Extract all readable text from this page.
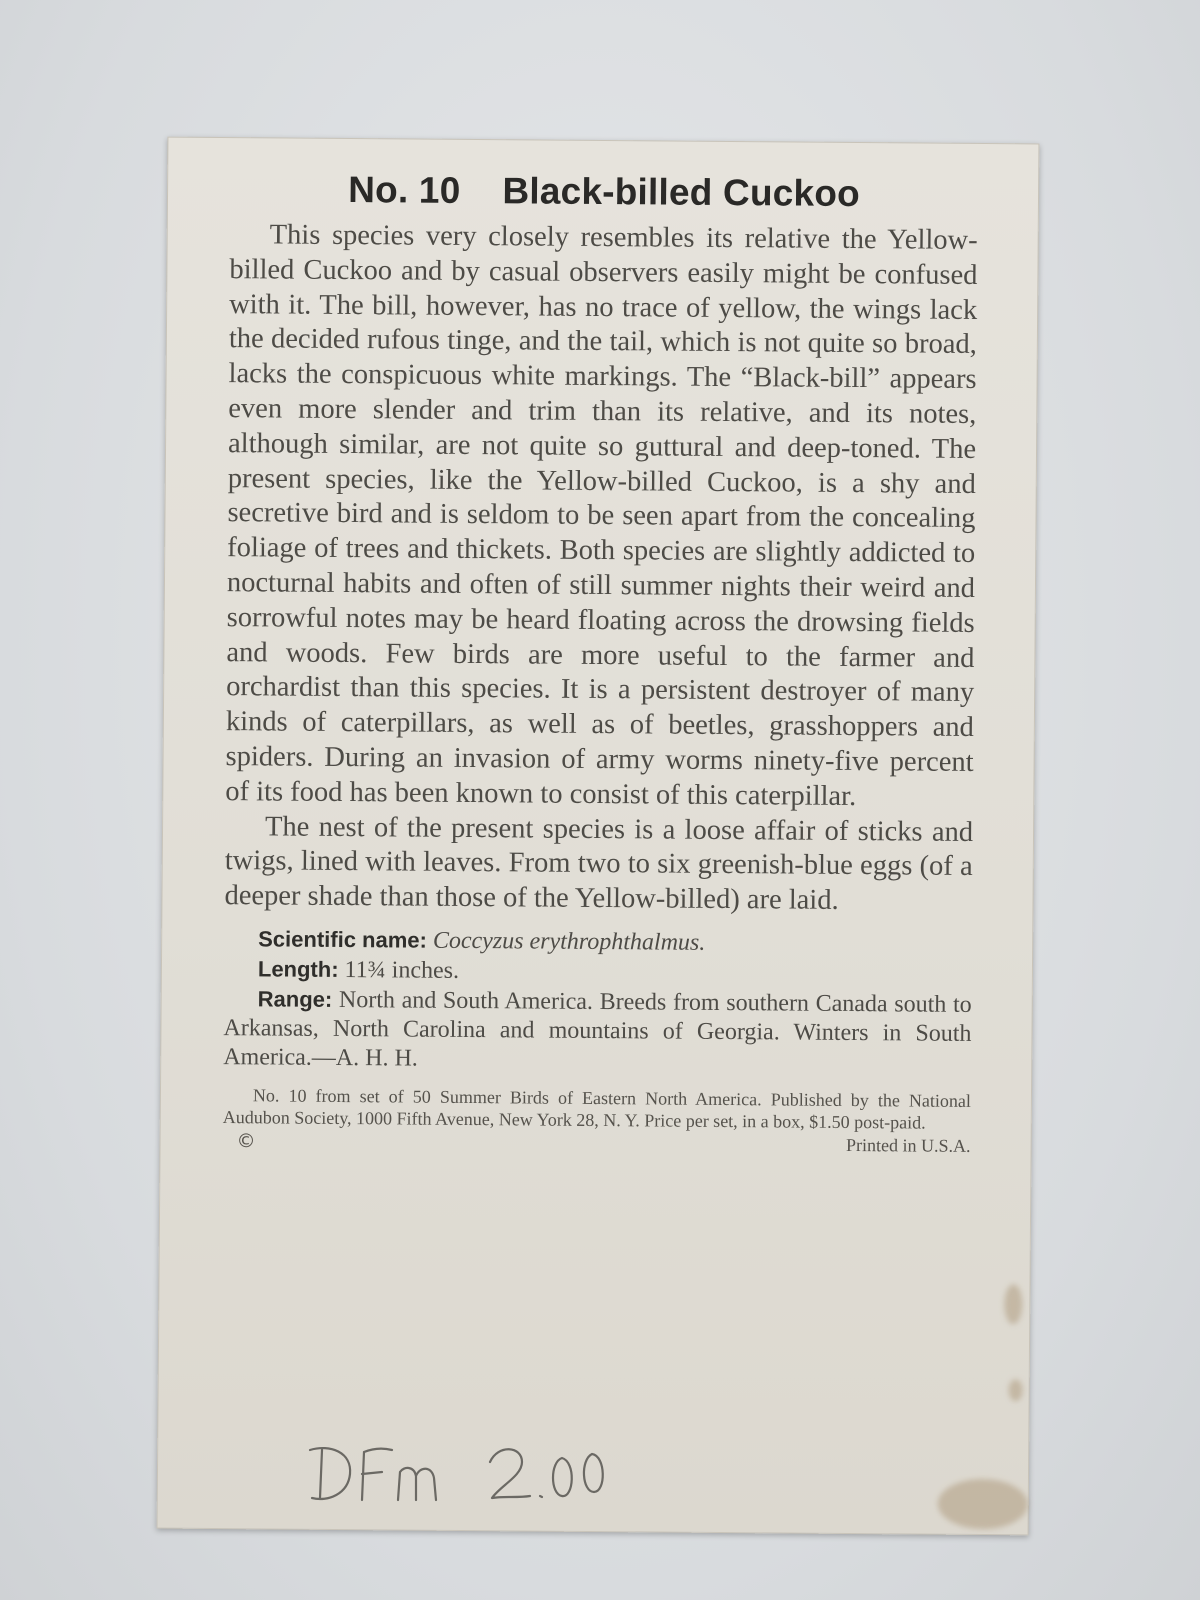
No. 10 Black-billed Cuckoo

This species very closely resembles its relative the Yellow-billed Cuckoo and by casual observers easily might be confused with it. The bill, however, has no trace of yellow, the wings lack the decided rufous tinge, and the tail, which is not quite so broad, lacks the conspicuous white markings. The “Black-bill” appears even more slender and trim than its relative, and its notes, although similar, are not quite so guttural and deep-toned. The present species, like the Yellow-billed Cuckoo, is a shy and secretive bird and is seldom to be seen apart from the concealing foliage of trees and thickets. Both species are slightly addicted to nocturnal habits and often of still summer nights their weird and sorrowful notes may be heard floating across the drowsing fields and woods. Few birds are more useful to the farmer and orchardist than this species. It is a persistent destroyer of many kinds of caterpillars, as well as of beetles, grasshoppers and spiders. During an invasion of army worms ninety-five percent of its food has been known to consist of this caterpillar.

The nest of the present species is a loose affair of sticks and twigs, lined with leaves. From two to six greenish-blue eggs (of a deeper shade than those of the Yellow-billed) are laid.

Scientific name: Coccyzus erythrophthalmus.
Length: 11¾ inches.
Range: North and South America. Breeds from southern Canada south to Arkansas, North Carolina and mountains of Georgia. Winters in South America.—A. H. H.
No. 10 from set of 50 Summer Birds of Eastern North America. Published by the National Audubon Society, 1000 Fifth Avenue, New York 28, N. Y. Price per set, in a box, $1.50 post-paid.
©	Printed in U.S.A.
